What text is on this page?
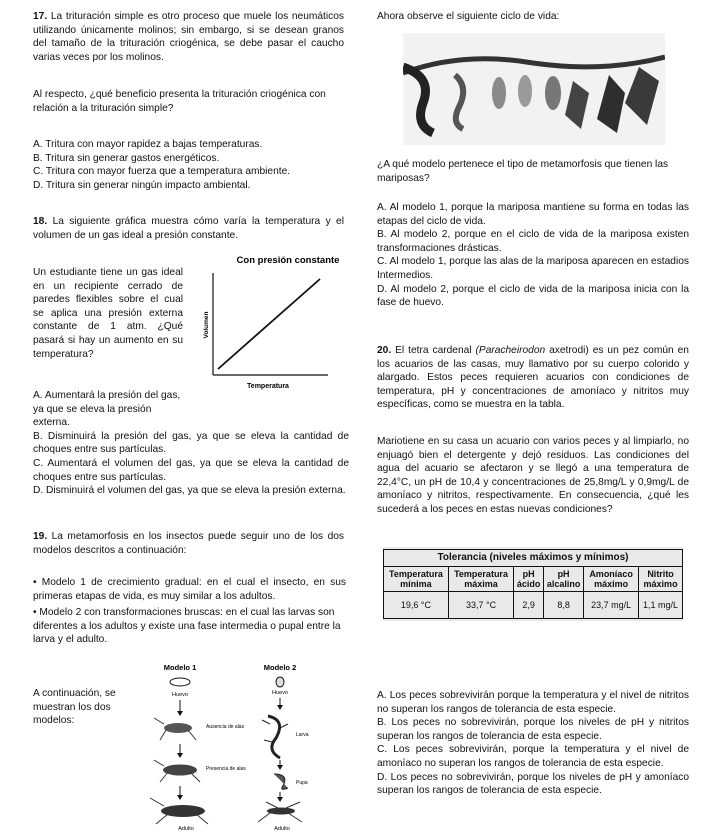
17. La trituración simple es otro proceso que muele los neumáticos utilizando únicamente molinos; sin embargo, si se desean granos del tamaño de la trituración criogénica, se debe pasar el caucho varias veces por los molinos.

Al respecto, ¿qué beneficio presenta la trituración criogénica con relación a la trituración simple?

A. Tritura con mayor rapidez a bajas temperaturas.

B. Tritura sin generar gastos energéticos.

C. Tritura con mayor fuerza que a temperatura ambiente.

D. Tritura sin generar ningún impacto ambiental.

18. La siguiente gráfica muestra cómo varía la temperatura y el volumen de un gas ideal a presión constante.

Un estudiante tiene un gas ideal en un recipiente cerrado de paredes flexibles sobre el cual se aplica una presión externa constante de 1 atm. ¿Qué pasará si hay un aumento en su temperatura?

Con presión constante
Temperatura
Volumen

A. Aumentará la presión del gas, ya que se eleva la presión externa.

B. Disminuirá la presión del gas, ya que se eleva la cantidad de choques entre sus partículas.

C. Aumentará el volumen del gas, ya que se eleva la cantidad de choques entre sus partículas.

D. Disminuirá el volumen del gas, ya que se eleva la presión externa.

19. La metamorfosis en los insectos puede seguir uno de los dos modelos descritos a continuación:

• Modelo 1 de crecimiento gradual: en el cual el insecto, en sus primeras etapas de vida, es muy similar a los adultos.

• Modelo 2 con transformaciones bruscas: en el cual las larvas son diferentes a los adultos y existe una fase intermedia o pupal entre la larva y el adulto.

A continuación, se muestran los dos modelos:

Modelo 1	Modelo 2
Huevo
Ausencia de alas
Presencia de alas
Adulto
Huevo
Larva
Pupa
Adulto

Ahora observe el siguiente ciclo de vida:

¿A qué modelo pertenece el tipo de metamorfosis que tienen las mariposas?

A. Al modelo 1, porque la mariposa mantiene su forma en todas las etapas del ciclo de vida.

B. Al modelo 2, porque en el ciclo de vida de la mariposa existen transformaciones drásticas.

C. Al modelo 1, porque las alas de la mariposa aparecen en estadios Intermedios.

D. Al modelo 2, porque el ciclo de vida de la mariposa inicia con la fase de huevo.

20. El tetra cardenal (Paracheirodon axetrodi) es un pez común en los acuarios de las casas, muy llamativo por su cuerpo colorido y alargado. Estos peces requieren acuarios con condiciones de temperatura, pH y concentraciones de amoníaco y nitritos muy específicas, como se muestra en la tabla.

Mariotiene en su casa un acuario con varios peces y al limpiarlo, no enjuagó bien el detergente y dejó residuos. Las condiciones del agua del acuario se afectaron y se llegó a una temperatura de 22,4°C, un pH de 10,4 y concentraciones de 25,8mg/L y 0,9mg/L de amoníaco y nitritos, respectivamente. En consecuencia, ¿qué les sucederá a los peces en estas nuevas condiciones?

Tolerancia (niveles máximos y mínimos)					
Temperatura mínima	Temperatura máxima	pH ácido	pH alcalino	Amoníaco máximo	Nitrito máximo
19,6 °C	33,7 °C	2,9	8,8	23,7 mg/L	1,1 mg/L

A. Los peces sobrevivirán porque la temperatura y el nivel de nitritos no superan los rangos de tolerancia de esta especie.

B. Los peces no sobrevivirán, porque los niveles de pH y nitritos superan los rangos de tolerancia de esta especie.

C. Los peces sobrevivirán, porque la temperatura y el nivel de amoníaco no superan los rangos de tolerancia de esta especie.

D. Los peces no sobrevivirán, porque los niveles de pH y amoníaco superan los rangos de tolerancia de esta especie.
